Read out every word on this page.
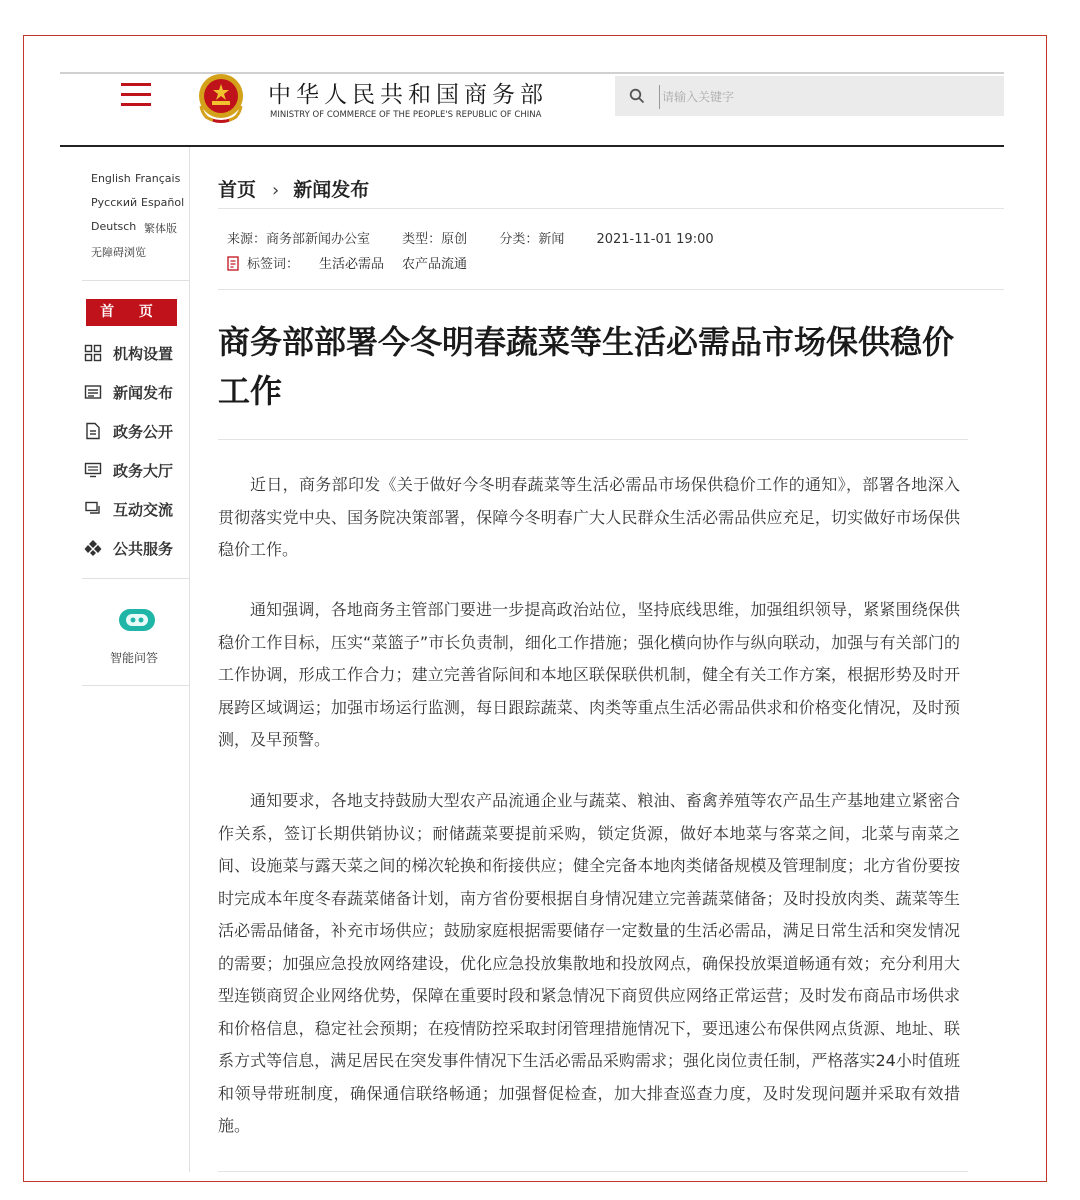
中华人民共和国商务部
MINISTRY OF COMMERCE OF THE PEOPLE'S REPUBLIC OF CHINA
请输入关键字
English Français
Русский Español
Deutsch 繁体版
无障碍浏览
首 页
机构设置
新闻发布
政务公开
政务大厅
互动交流
公共服务
智能问答
首页 › 新闻发布
来源：商务部新闻办公室 类型：原创 分类：新闻 2021-11-01 19:00
标签词： 生活必需品 农产品流通
商务部部署今冬明春蔬菜等生活必需品市场保供稳价工作

近日，商务部印发《关于做好今冬明春蔬菜等生活必需品市场保供稳价工作的通知》，部署各地深入贯彻落实党中央、国务院决策部署，保障今冬明春广大人民群众生活必需品供应充足，切实做好市场保供稳价工作。

通知强调，各地商务主管部门要进一步提高政治站位，坚持底线思维，加强组织领导，紧紧围绕保供稳价工作目标，压实“菜篮子”市长负责制，细化工作措施；强化横向协作与纵向联动，加强与有关部门的工作协调，形成工作合力；建立完善省际间和本地区联保联供机制，健全有关工作方案，根据形势及时开展跨区域调运；加强市场运行监测，每日跟踪蔬菜、肉类等重点生活必需品供求和价格变化情况，及时预测，及早预警。

通知要求，各地支持鼓励大型农产品流通企业与蔬菜、粮油、畜禽养殖等农产品生产基地建立紧密合作关系，签订长期供销协议；耐储蔬菜要提前采购，锁定货源，做好本地菜与客菜之间，北菜与南菜之间、设施菜与露天菜之间的梯次轮换和衔接供应；健全完备本地肉类储备规模及管理制度；北方省份要按时完成本年度冬春蔬菜储备计划，南方省份要根据自身情况建立完善蔬菜储备；及时投放肉类、蔬菜等生活必需品储备，补充市场供应；鼓励家庭根据需要储存一定数量的生活必需品，满足日常生活和突发情况的需要；加强应急投放网络建设，优化应急投放集散地和投放网点，确保投放渠道畅通有效；充分利用大型连锁商贸企业网络优势，保障在重要时段和紧急情况下商贸供应网络正常运营；及时发布商品市场供求和价格信息，稳定社会预期；在疫情防控采取封闭管理措施情况下，要迅速公布保供网点货源、地址、联系方式等信息，满足居民在突发事件情况下生活必需品采购需求；强化岗位责任制，严格落实24小时值班和领导带班制度，确保通信联络畅通；加强督促检查，加大排查巡查力度，及时发现问题并采取有效措施。
